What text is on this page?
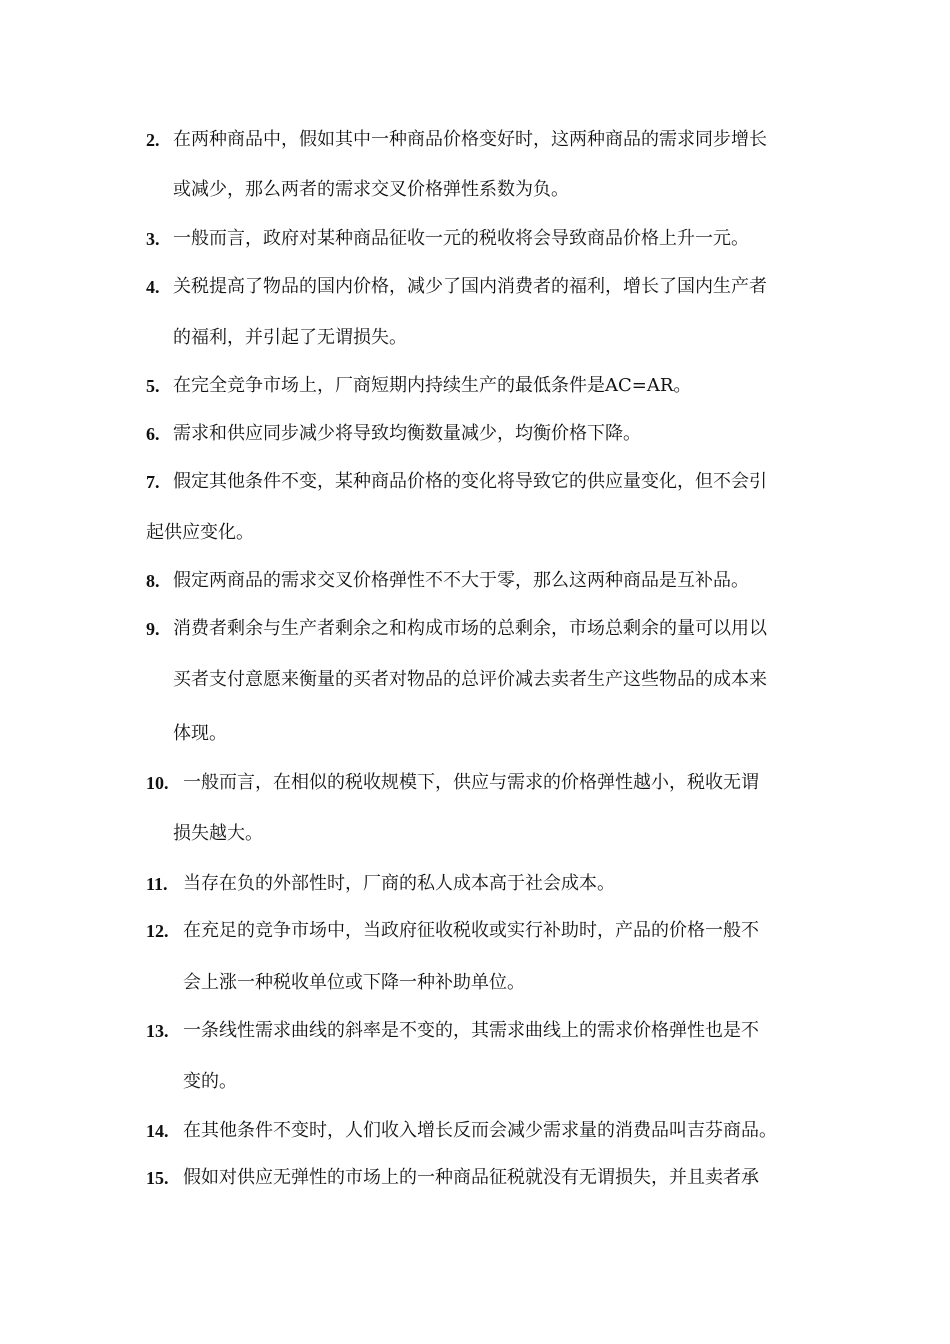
2. 在两种商品中，假如其中一种商品价格变好时，这两种商品的需求同步增长
或减少，那么两者的需求交叉价格弹性系数为负。
3. 一般而言，政府对某种商品征收一元的税收将会导致商品价格上升一元。
4. 关税提高了物品的国内价格，减少了国内消费者的福利，增长了国内生产者
的福利，并引起了无谓损失。
5. 在完全竞争市场上，厂商短期内持续生产的最低条件是AC=AR。
6. 需求和供应同步减少将导致均衡数量减少，均衡价格下降。
7. 假定其他条件不变，某种商品价格的变化将导致它的供应量变化，但不会引
起供应变化。
8. 假定两商品的需求交叉价格弹性不不大于零，那么这两种商品是互补品。
9. 消费者剩余与生产者剩余之和构成市场的总剩余，市场总剩余的量可以用以
买者支付意愿来衡量的买者对物品的总评价减去卖者生产这些物品的成本来
体现。
10. 一般而言，在相似的税收规模下，供应与需求的价格弹性越小，税收无谓
损失越大。
11. 当存在负的外部性时，厂商的私人成本高于社会成本。
12. 在充足的竞争市场中，当政府征收税收或实行补助时，产品的价格一般不
会上涨一种税收单位或下降一种补助单位。
13. 一条线性需求曲线的斜率是不变的，其需求曲线上的需求价格弹性也是不
变的。
14. 在其他条件不变时，人们收入增长反而会减少需求量的消费品叫吉芬商品。
15. 假如对供应无弹性的市场上的一种商品征税就没有无谓损失，并且卖者承
